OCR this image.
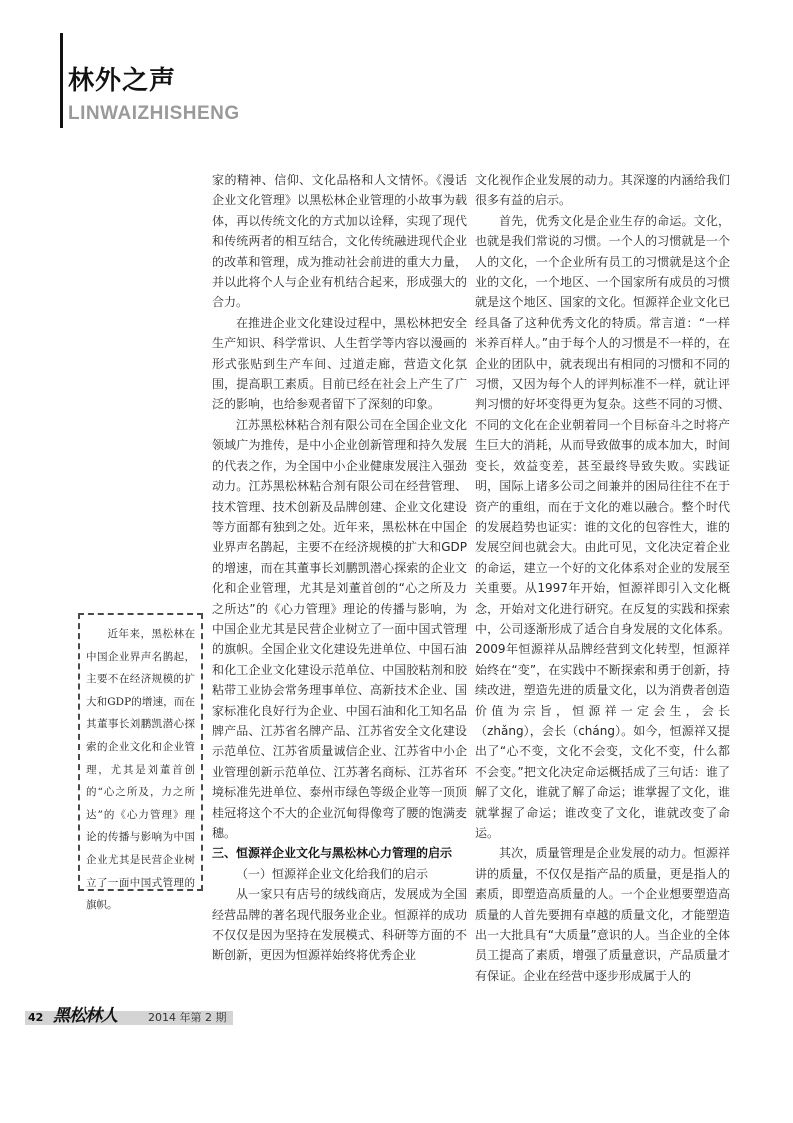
林外之声
LINWAIZHISHENG

家的精神、信仰、文化品格和人文情怀。《漫话企业文化管理》以黑松林企业管理的小故事为载体，再以传统文化的方式加以诠释，实现了现代和传统两者的相互结合，文化传统融进现代企业的改革和管理，成为推动社会前进的重大力量，并以此将个人与企业有机结合起来，形成强大的合力。

在推进企业文化建设过程中，黑松林把安全生产知识、科学常识、人生哲学等内容以漫画的形式张贴到生产车间、过道走廊，营造文化氛围，提高职工素质。目前已经在社会上产生了广泛的影响，也给参观者留下了深刻的印象。

江苏黑松林粘合剂有限公司在全国企业文化领域广为推传，是中小企业创新管理和持久发展的代表之作，为全国中小企业健康发展注入强劲动力。江苏黑松林粘合剂有限公司在经营管理、技术管理、技术创新及品牌创建、企业文化建设等方面都有独到之处。近年来，黑松林在中国企业界声名鹊起，主要不在经济规模的扩大和GDP的增速，而在其董事长刘鹏凯潜心探索的企业文化和企业管理，尤其是刘董首创的“心之所及力之所达”的《心力管理》理论的传播与影响，为中国企业尤其是民营企业树立了一面中国式管理的旗帜。全国企业文化建设先进单位、中国石油和化工企业文化建设示范单位、中国胶粘剂和胶粘带工业协会常务理事单位、高新技术企业、国家标准化良好行为企业、中国石油和化工知名品牌产品、江苏省名牌产品、江苏省安全文化建设示范单位、江苏省质量诚信企业、江苏省中小企业管理创新示范单位、江苏著名商标、江苏省环境标准先进单位、泰州市绿色等级企业等一顶顶桂冠将这个不大的企业沉甸得像弯了腰的饱满麦穗。

三、恒源祥企业文化与黑松林心力管理的启示

（一）恒源祥企业文化给我们的启示

从一家只有店号的绒线商店，发展成为全国经营品牌的著名现代服务业企业。恒源祥的成功不仅仅是因为坚持在发展模式、科研等方面的不断创新，更因为恒源祥始终将优秀企业

文化视作企业发展的动力。其深邃的内涵给我们很多有益的启示。

首先，优秀文化是企业生存的命运。文化，也就是我们常说的习惯。一个人的习惯就是一个人的文化，一个企业所有员工的习惯就是这个企业的文化，一个地区、一个国家所有成员的习惯就是这个地区、国家的文化。恒源祥企业文化已经具备了这种优秀文化的特质。常言道：“一样米养百样人。”由于每个人的习惯是不一样的，在企业的团队中，就表现出有相同的习惯和不同的习惯，又因为每个人的评判标准不一样，就让评判习惯的好坏变得更为复杂。这些不同的习惯、不同的文化在企业朝着同一个目标奋斗之时将产生巨大的消耗，从而导致做事的成本加大，时间变长，效益变差，甚至最终导致失败。实践证明，国际上诸多公司之间兼并的困局往往不在于资产的重组，而在于文化的难以融合。整个时代的发展趋势也证实：谁的文化的包容性大，谁的发展空间也就会大。由此可见，文化决定着企业的命运，建立一个好的文化体系对企业的发展至关重要。从1997年开始，恒源祥即引入文化概念，开始对文化进行研究。在反复的实践和探索中，公司逐渐形成了适合自身发展的文化体系。2009年恒源祥从品牌经营到文化转型，恒源祥始终在“变”，在实践中不断探索和勇于创新，持续改进，塑造先进的质量文化，以为消费者创造价值为宗旨，恒源祥一定会生，会长（zhǎng），会长（cháng）。如今，恒源祥又提出了“心不变，文化不会变，文化不变，什么都不会变。”把文化决定命运概括成了三句话：谁了解了文化，谁就了解了命运；谁掌握了文化，谁就掌握了命运；谁改变了文化，谁就改变了命运。

其次，质量管理是企业发展的动力。恒源祥讲的质量，不仅仅是指产品的质量，更是指人的素质，即塑造高质量的人。一个企业想要塑造高质量的人首先要拥有卓越的质量文化，才能塑造出一大批具有“大质量”意识的人。当企业的全体员工提高了素质，增强了质量意识，产品质量才有保证。企业在经营中逐步形成属于人的

近年来，黑松林在中国企业界声名鹊起，主要不在经济规模的扩大和GDP的增速，而在其董事长刘鹏凯潜心探索的企业文化和企业管理，尤其是刘董首创的“心之所及，力之所达”的《心力管理》理论的传播与影响为中国企业尤其是民营企业树立了一面中国式管理的旗帜。
42 黑松林人	2014 年第 2 期
